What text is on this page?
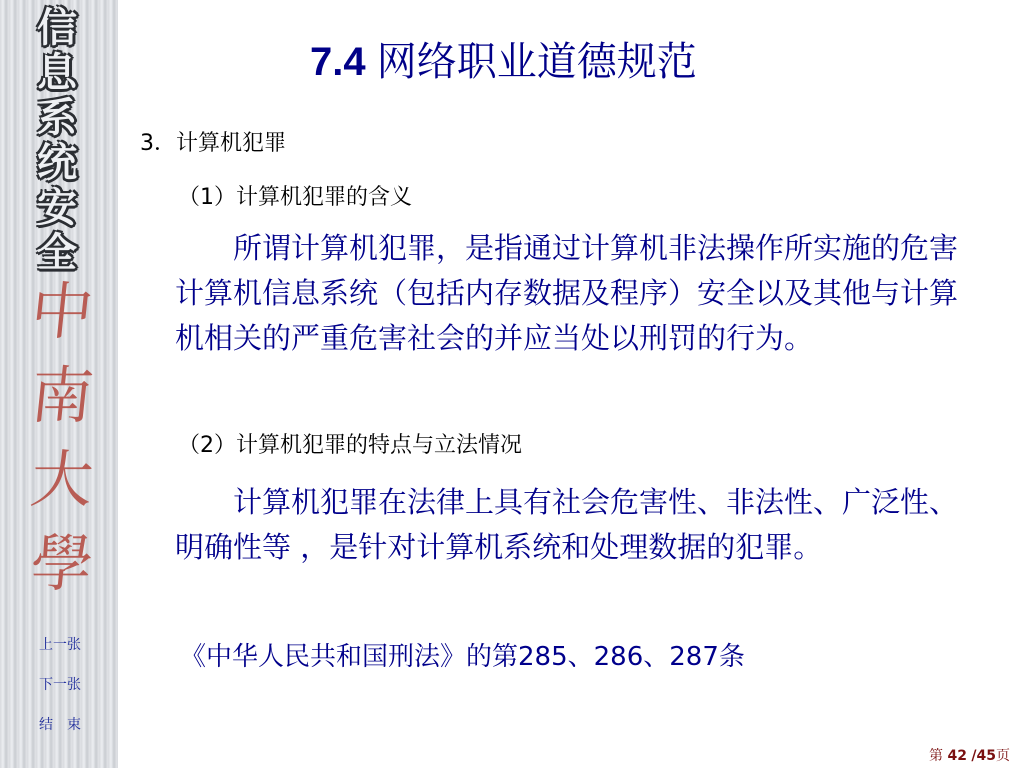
信
息
系
统
安
全
中
南
大
學
上一张
下一张
结　束
7.4 网络职业道德规范
3．计算机犯罪
（1）计算机犯罪的含义
　　所谓计算机犯罪，是指通过计算机非法操作所实施的危害计算机信息系统（包括内存数据及程序）安全以及其他与计算机相关的严重危害社会的并应当处以刑罚的行为。
（2）计算机犯罪的特点与立法情况
　　计算机犯罪在法律上具有社会危害性、非法性、广泛性、明确性等 ，是针对计算机系统和处理数据的犯罪。
《中华人民共和国刑法》的第285、286、287条
第 42 /45页
